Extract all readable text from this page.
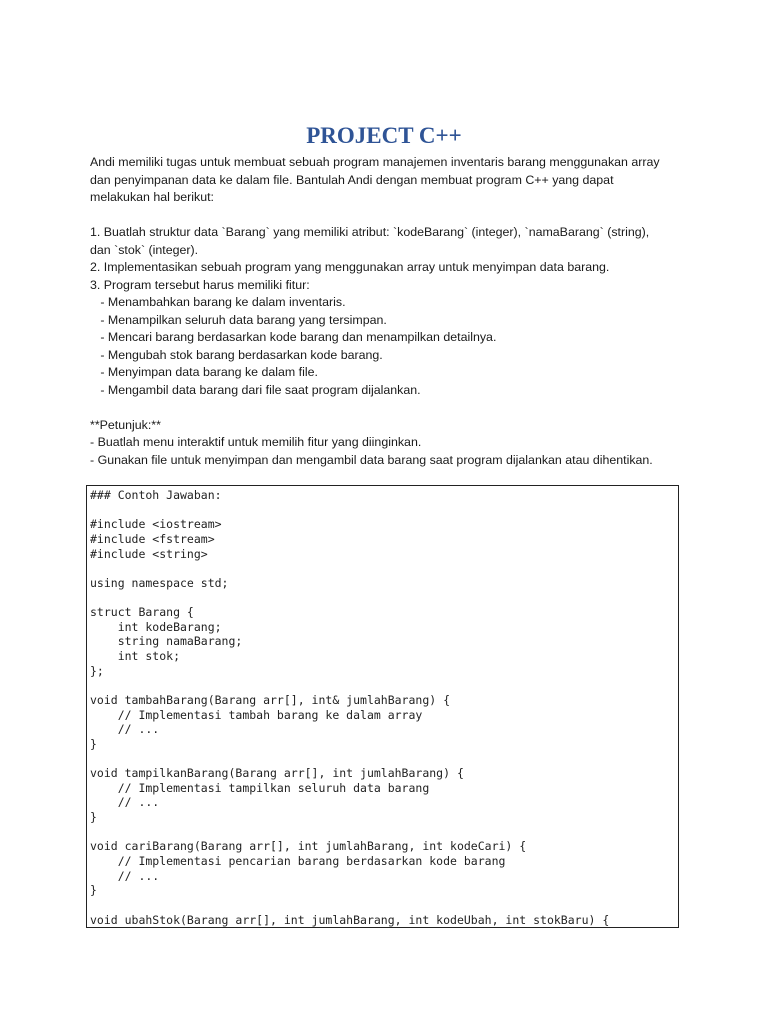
PROJECT C++
Andi memiliki tugas untuk membuat sebuah program manajemen inventaris barang menggunakan array
dan penyimpanan data ke dalam file. Bantulah Andi dengan membuat program C++ yang dapat
melakukan hal berikut:
1. Buatlah struktur data `Barang` yang memiliki atribut: `kodeBarang` (integer), `namaBarang` (string),
dan `stok` (integer).
2. Implementasikan sebuah program yang menggunakan array untuk menyimpan data barang.
3. Program tersebut harus memiliki fitur:
- Menambahkan barang ke dalam inventaris.
- Menampilkan seluruh data barang yang tersimpan.
- Mencari barang berdasarkan kode barang dan menampilkan detailnya.
- Mengubah stok barang berdasarkan kode barang.
- Menyimpan data barang ke dalam file.
- Mengambil data barang dari file saat program dijalankan.
**Petunjuk:**
- Buatlah menu interaktif untuk memilih fitur yang diinginkan.
- Gunakan file untuk menyimpan dan mengambil data barang saat program dijalankan atau dihentikan.
### Contoh Jawaban:
#include <iostream>
#include <fstream>
#include <string>
using namespace std;
struct Barang {
int kodeBarang;
string namaBarang;
int stok;
};
void tambahBarang(Barang arr[], int& jumlahBarang) {
// Implementasi tambah barang ke dalam array
// ...
}
void tampilkanBarang(Barang arr[], int jumlahBarang) {
// Implementasi tampilkan seluruh data barang
// ...
}
void cariBarang(Barang arr[], int jumlahBarang, int kodeCari) {
// Implementasi pencarian barang berdasarkan kode barang
// ...
}
void ubahStok(Barang arr[], int jumlahBarang, int kodeUbah, int stokBaru) {
